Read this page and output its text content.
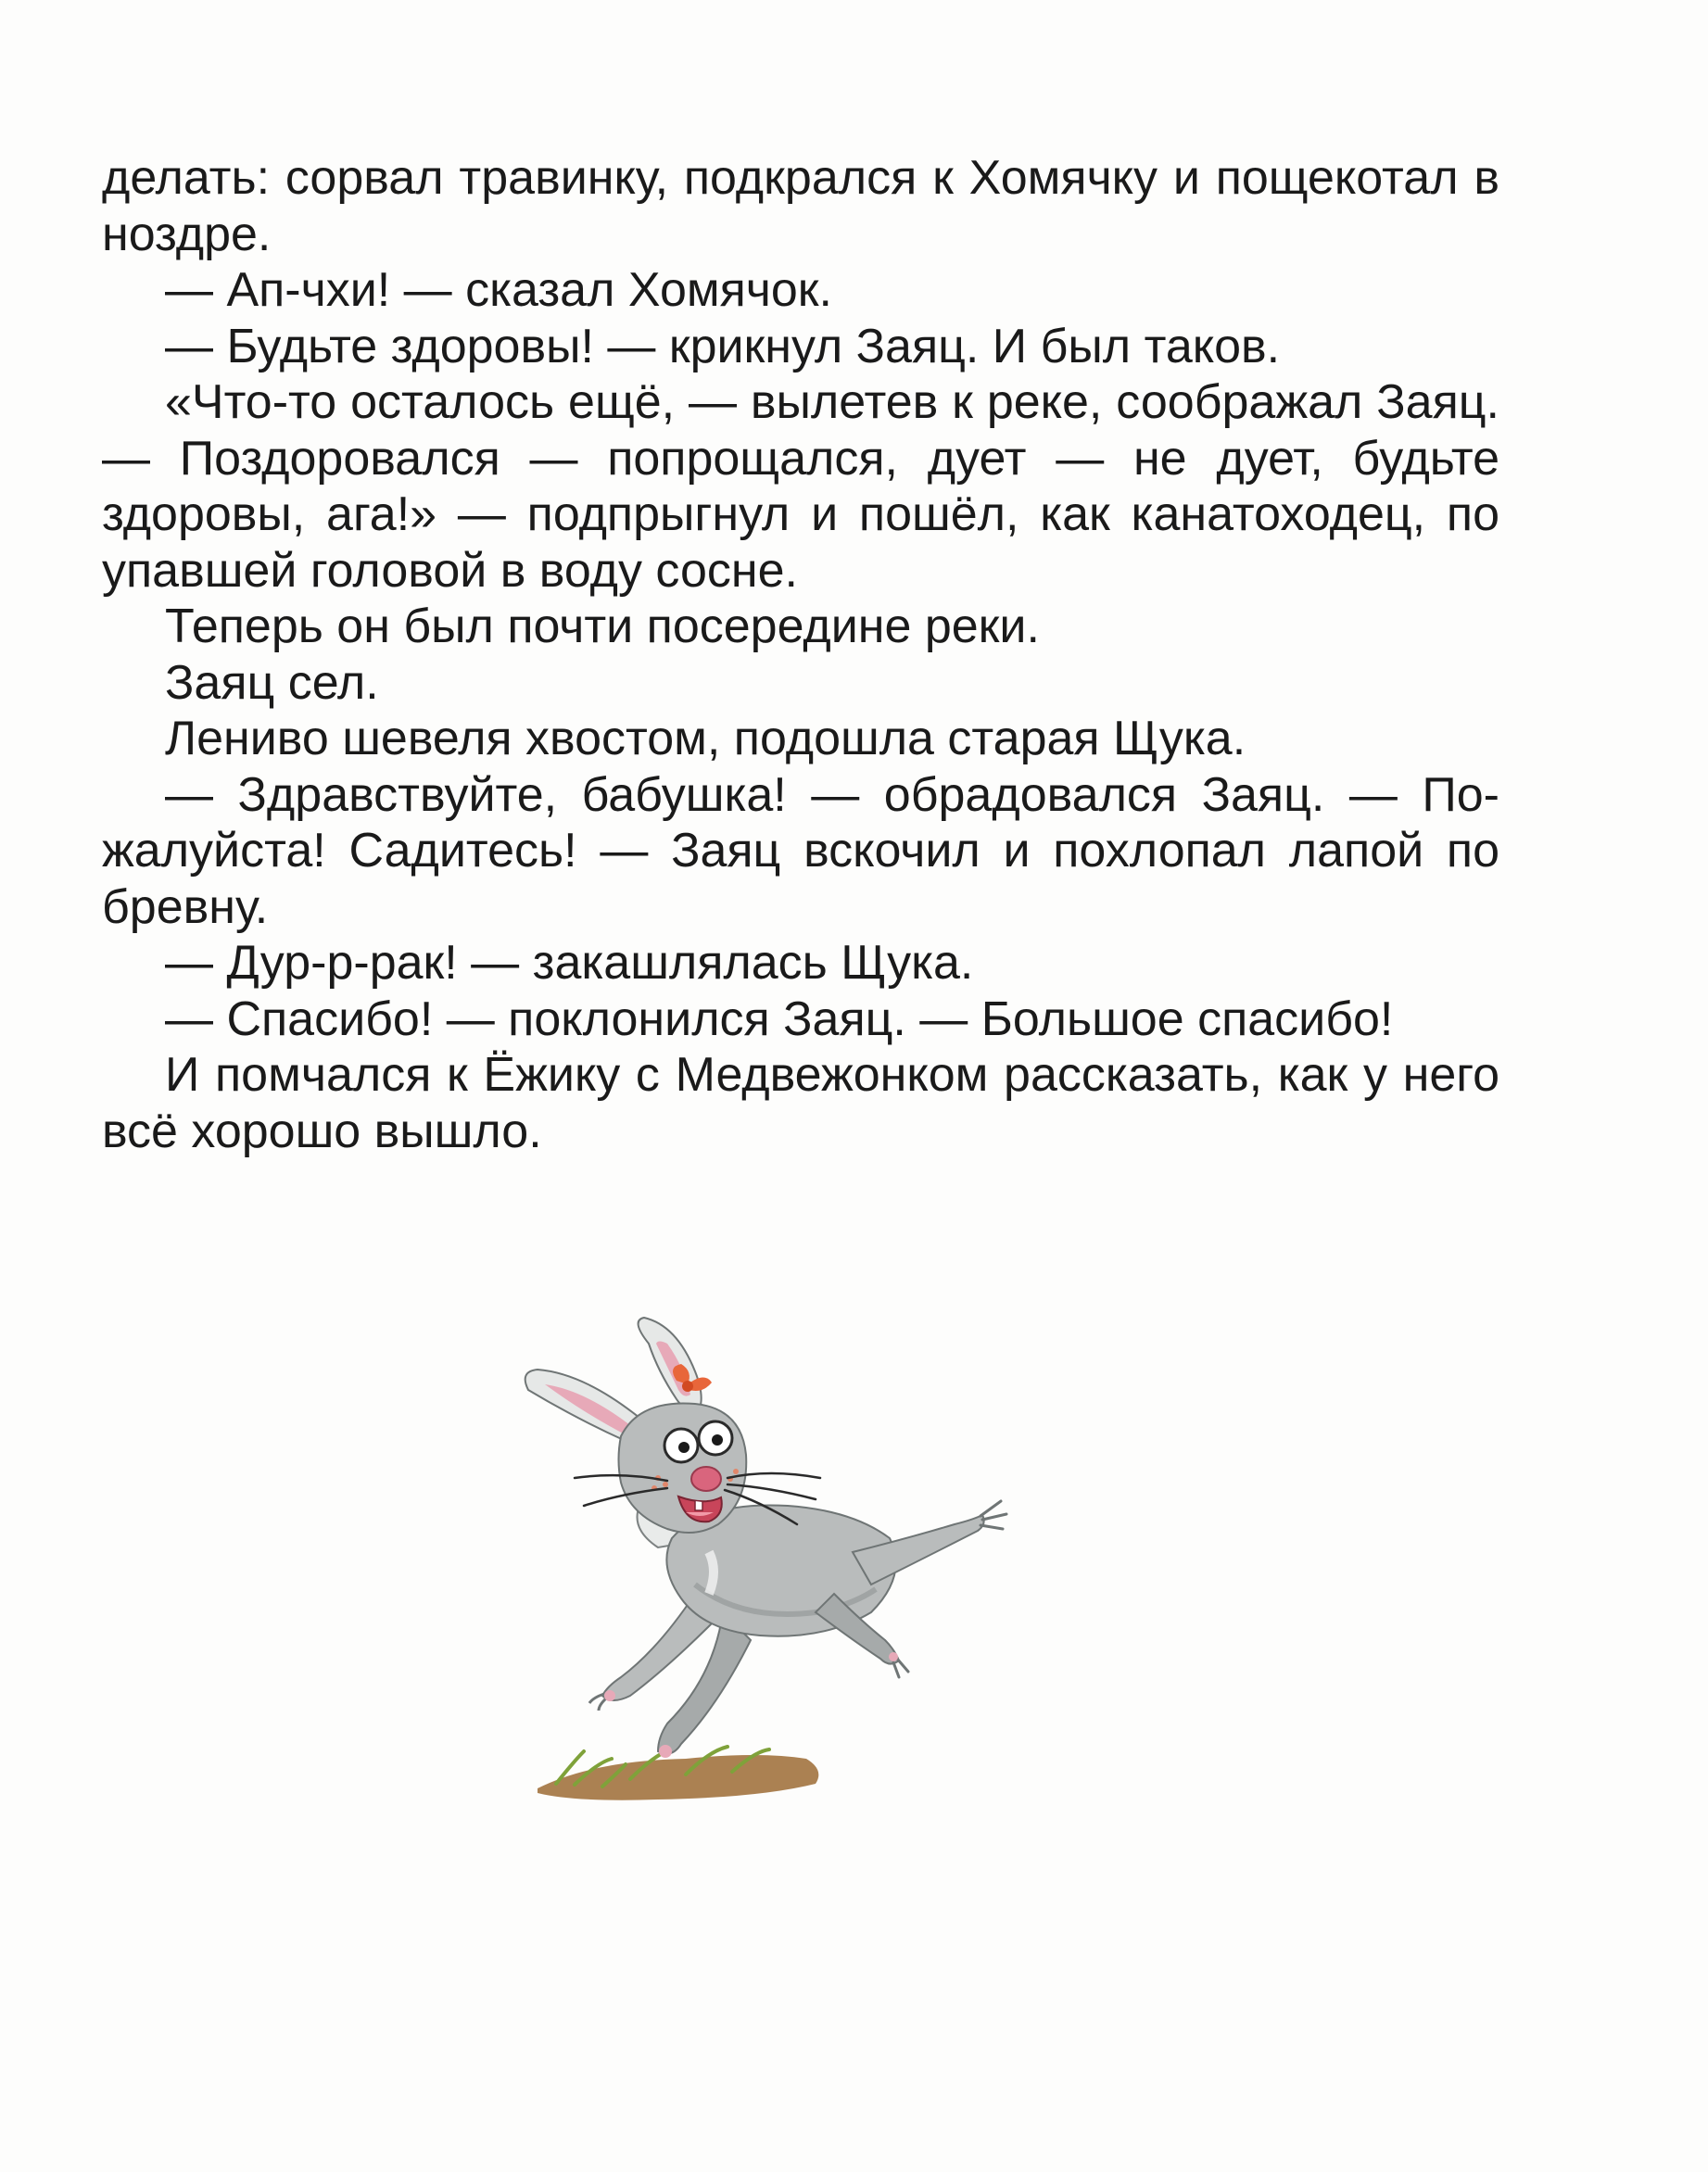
делать: сорвал травинку, подкрался к Хомячку и пощекотал в ноздре.

— Ап-чхи! — сказал Хомячок.

— Будьте здоровы! — крикнул Заяц. И был таков.

«Что-то осталось ещё, — вылетев к реке, соображал Заяц. — Поздоровался — попрощался, дует — не дует, будьте здоровы, ага!» — подпрыгнул и пошёл, как канатоходец, по упавшей головой в воду сосне.

Теперь он был почти посередине реки.

Заяц сел.

Лениво шевеля хвостом, подошла старая Щука.

— Здравствуйте, бабушка! — обрадовался Заяц. — Пожалуйста! Садитесь! — Заяц вскочил и похлопал лапой по бревну.

— Дур-р-рак! — закашлялась Щука.

— Спасибо! — поклонился Заяц. — Большое спасибо!

И помчался к Ёжику с Медвежонком рассказать, как у него всё хорошо вышло.
